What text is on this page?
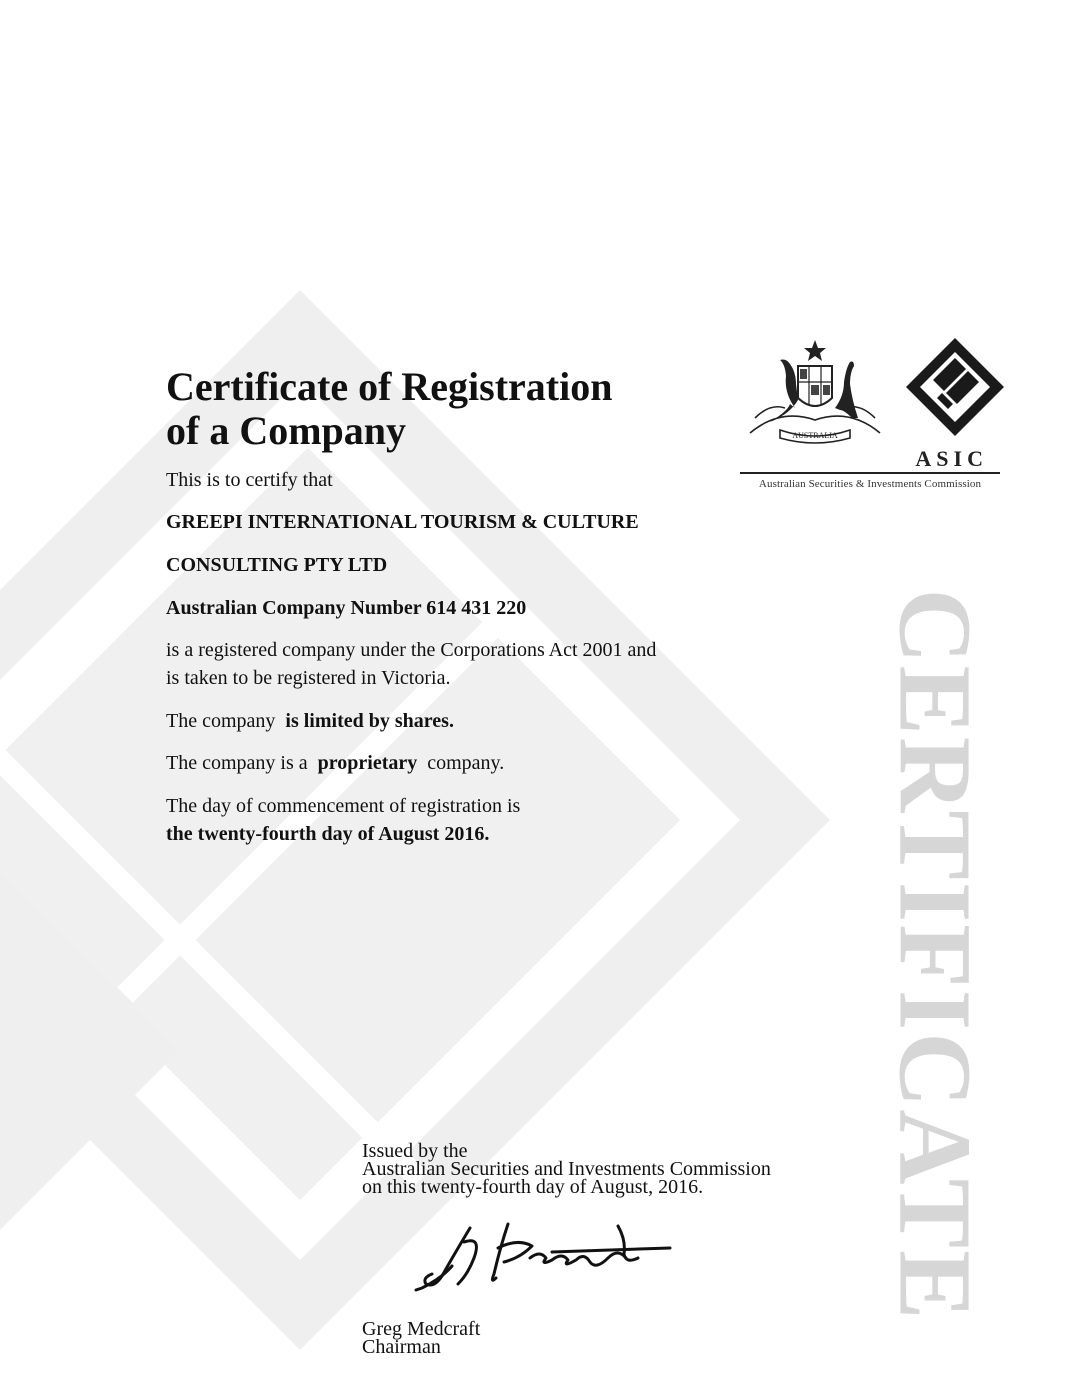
Certificate of Registration
of a Company

This is to certify that

GREEPI INTERNATIONAL TOURISM & CULTURE

CONSULTING PTY LTD

Australian Company Number 614 431 220

is a registered company under the Corporations Act 2001 and
is taken to be registered in Victoria.

The company is limited by shares.

The company is a proprietary company.

The day of commencement of registration is
the twenty-fourth day of August 2016.

AUSTRALIA
ASIC
Australian Securities & Investments Commission
CERTIFICATE

Issued by the
Australian Securities and Investments Commission
on this twenty-fourth day of August, 2016.

Greg Medcraft
Chairman
